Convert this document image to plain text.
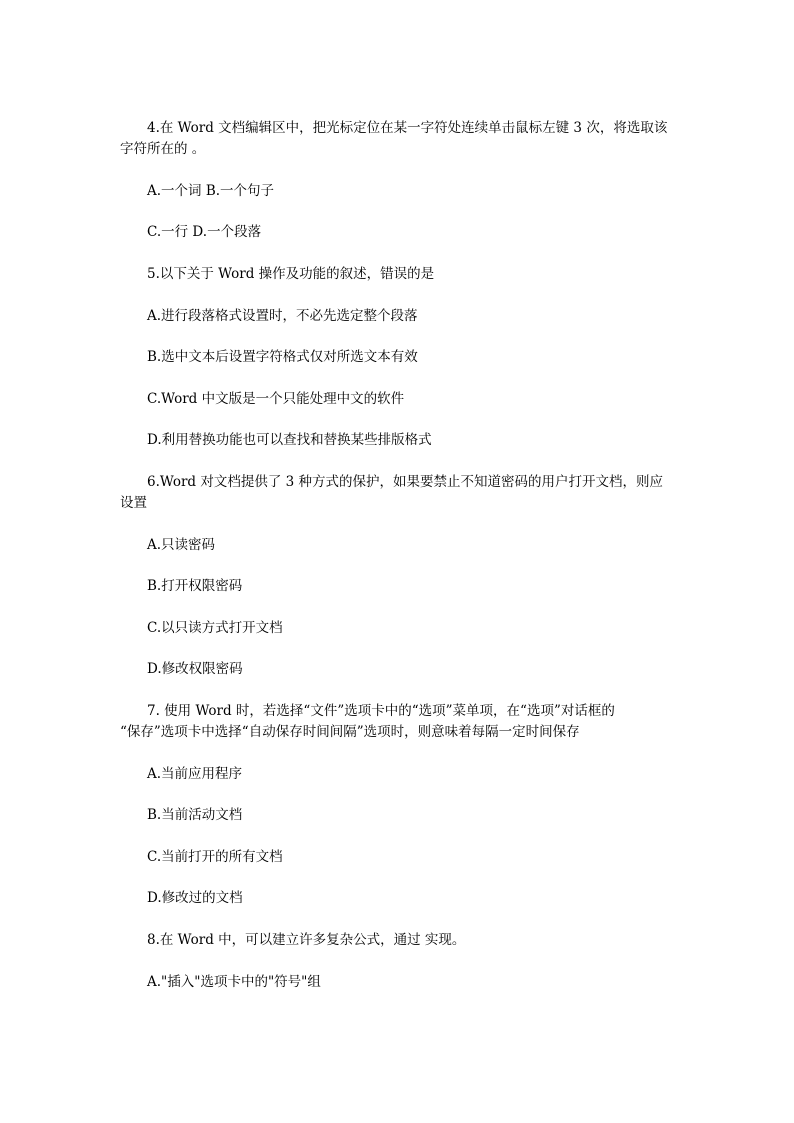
4.在 Word 文档编辑区中，把光标定位在某一字符处连续单击鼠标左键 3 次，将选取该
字符所在的 。
A.一个词 B.一个句子
C.一行 D.一个段落
5.以下关于 Word 操作及功能的叙述，错误的是
A.进行段落格式设置时，不必先选定整个段落
B.选中文本后设置字符格式仅对所选文本有效
C.Word 中文版是一个只能处理中文的软件
D.利用替换功能也可以查找和替换某些排版格式
6.Word 对文档提供了 3 种方式的保护，如果要禁止不知道密码的用户打开文档，则应
设置
A.只读密码
B.打开权限密码
C.以只读方式打开文档
D.修改权限密码
7. 使用 Word 时，若选择“文件”选项卡中的“选项”菜单项，在“选项”对话框的
“保存”选项卡中选择“自动保存时间间隔”选项时，则意味着每隔一定时间保存
A.当前应用程序
B.当前活动文档
C.当前打开的所有文档
D.修改过的文档
8.在 Word 中，可以建立许多复杂公式，通过 实现。
A."插入"选项卡中的"符号"组
